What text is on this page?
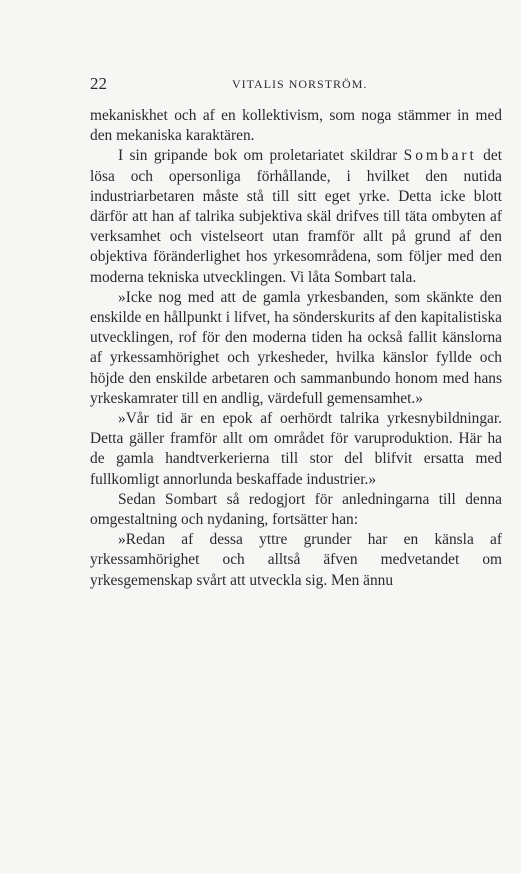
22	VITALIS NORSTRÖM.

mekaniskhet och af en kollektivism, som noga stämmer in med den mekaniska karaktären.

I sin gripande bok om proletariatet skildrar Sombart det lösa och opersonliga förhållande, i hvilket den nutida industriarbetaren måste stå till sitt eget yrke. Detta icke blott därför att han af talrika subjektiva skäl drifves till täta ombyten af verksamhet och vistelseort utan framför allt på grund af den objektiva föränderlighet hos yrkesområdena, som följer med den moderna tekniska utvecklingen. Vi låta Sombart tala.

»Icke nog med att de gamla yrkesbanden, som skänkte den enskilde en hållpunkt i lifvet, ha sönderskurits af den kapitalistiska utvecklingen, rof för den moderna tiden ha också fallit känslorna af yrkessamhörighet och yrkesheder, hvilka känslor fyllde och höjde den enskilde arbetaren och sammanbundo honom med hans yrkeskamrater till en andlig, värdefull gemensamhet.»

»Vår tid är en epok af oerhördt talrika yrkesnybildningar. Detta gäller framför allt om området för varuproduktion. Här ha de gamla handtverkerierna till stor del blifvit ersatta med fullkomligt annorlunda beskaffade industrier.»

Sedan Sombart så redogjort för anledningarna till denna omgestaltning och nydaning, fortsätter han:

»Redan af dessa yttre grunder har en känsla af yrkessamhörighet och alltså äfven medvetandet om yrkesgemenskap svårt att utveckla sig. Men ännu
